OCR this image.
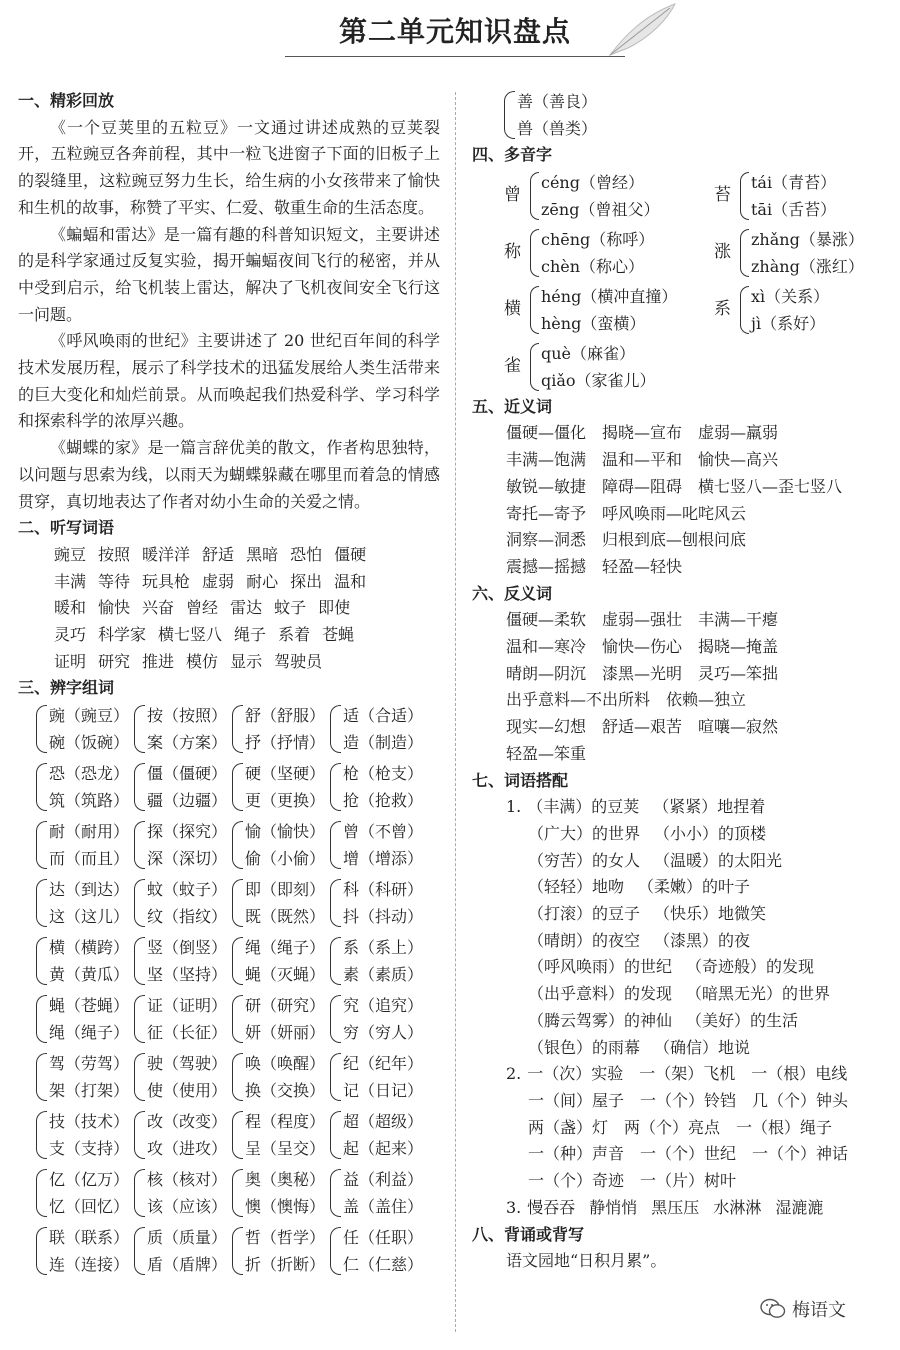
第二单元知识盘点
一、精彩回放

《一个豆荚里的五粒豆》一文通过讲述成熟的豆荚裂开，五粒豌豆各奔前程，其中一粒飞进窗子下面的旧板子上的裂缝里，这粒豌豆努力生长，给生病的小女孩带来了愉快和生机的故事，称赞了平实、仁爱、敬重生命的生活态度。

《蝙蝠和雷达》是一篇有趣的科普知识短文，主要讲述的是科学家通过反复实验，揭开蝙蝠夜间飞行的秘密，并从中受到启示，给飞机装上雷达，解决了飞机夜间安全飞行这一问题。

《呼风唤雨的世纪》主要讲述了 20 世纪百年间的科学技术发展历程，展示了科学技术的迅猛发展给人类生活带来的巨大变化和灿烂前景。从而唤起我们热爱科学、学习科学和探索科学的浓厚兴趣。

《蝴蝶的家》是一篇言辞优美的散文，作者构思独特，以问题与思索为线，以雨天为蝴蝶躲藏在哪里而着急的情感贯穿，真切地表达了作者对幼小生命的关爱之情。

二、听写词语
豌豆 按照 暖洋洋 舒适 黑暗 恐怕 僵硬
丰满 等待 玩具枪 虚弱 耐心 探出 温和
暖和 愉快 兴奋 曾经 雷达 蚊子 即使
灵巧 科学家 横七竖八 绳子 系着 苍蝇
证明 研究 推进 模仿 显示 驾驶员
三、辨字组词
豌（豌豆）
碗（饭碗）
按（按照）
案（方案）
舒（舒服）
抒（抒情）
适（合适）
造（制造）
恐（恐龙）
筑（筑路）
僵（僵硬）
疆（边疆）
硬（坚硬）
更（更换）
枪（枪支）
抢（抢救）
耐（耐用）
而（而且）
探（探究）
深（深切）
愉（愉快）
偷（小偷）
曾（不曾）
增（增添）
达（到达）
这（这儿）
蚊（蚊子）
纹（指纹）
即（即刻）
既（既然）
科（科研）
抖（抖动）
横（横跨）
黄（黄瓜）
竖（倒竖）
坚（坚持）
绳（绳子）
蝇（灭蝇）
系（系上）
素（素质）
蝇（苍蝇）
绳（绳子）
证（证明）
征（长征）
研（研究）
妍（妍丽）
究（追究）
穷（穷人）
驾（劳驾）
架（打架）
驶（驾驶）
使（使用）
唤（唤醒）
换（交换）
纪（纪年）
记（日记）
技（技术）
支（支持）
改（改变）
攻（进攻）
程（程度）
呈（呈交）
超（超级）
起（起来）
亿（亿万）
忆（回忆）
核（核对）
该（应该）
奥（奥秘）
懊（懊悔）
益（利益）
盖（盖住）
联（联系）
连（连接）
质（质量）
盾（盾牌）
哲（哲学）
折（折断）
任（任职）
仁（仁慈）
善（善良）
兽（兽类）
四、多音字
曾
céng（曾经）
zēng（曾祖父）
苔
tái（青苔）
tāi（舌苔）
称
chēng（称呼）
chèn（称心）
涨
zhǎng（暴涨）
zhàng（涨红）
横
héng（横冲直撞）
hèng（蛮横）
系
xì（关系）
jì（系好）
雀
què（麻雀）
qiǎo（家雀儿）
五、近义词
僵硬—僵化 揭晓—宣布 虚弱—羸弱
丰满—饱满 温和—平和 愉快—高兴
敏锐—敏捷 障碍—阻碍 横七竖八—歪七竖八
寄托—寄予 呼风唤雨—叱咤风云
洞察—洞悉 归根到底—刨根问底
震撼—摇撼 轻盈—轻快
六、反义词
僵硬—柔软 虚弱—强壮 丰满—干瘪
温和—寒冷 愉快—伤心 揭晓—掩盖
晴朗—阴沉 漆黑—光明 灵巧—笨拙
出乎意料—不出所料 依赖—独立
现实—幻想 舒适—艰苦 喧嚷—寂然
轻盈—笨重
七、词语搭配
1. （丰满）的豆荚 （紧紧）地捏着
（广大）的世界 （小小）的顶楼
（穷苦）的女人 （温暖）的太阳光
（轻轻）地吻 （柔嫩）的叶子
（打滚）的豆子 （快乐）地微笑
（晴朗）的夜空 （漆黑）的夜
（呼风唤雨）的世纪 （奇迹般）的发现
（出乎意料）的发现 （暗黑无光）的世界
（腾云驾雾）的神仙 （美好）的生活
（银色）的雨幕 （确信）地说
2. 一（次）实验 一（架）飞机 一（根）电线
一（间）屋子 一（个）铃铛 几（个）钟头
两（盏）灯 两（个）亮点 一（根）绳子
一（种）声音 一（个）世纪 一（个）神话
一（个）奇迹 一（片）树叶
3. 慢吞吞 静悄悄 黑压压 水淋淋 湿漉漉
八、背诵或背写
语文园地“日积月累”。
梅语文
